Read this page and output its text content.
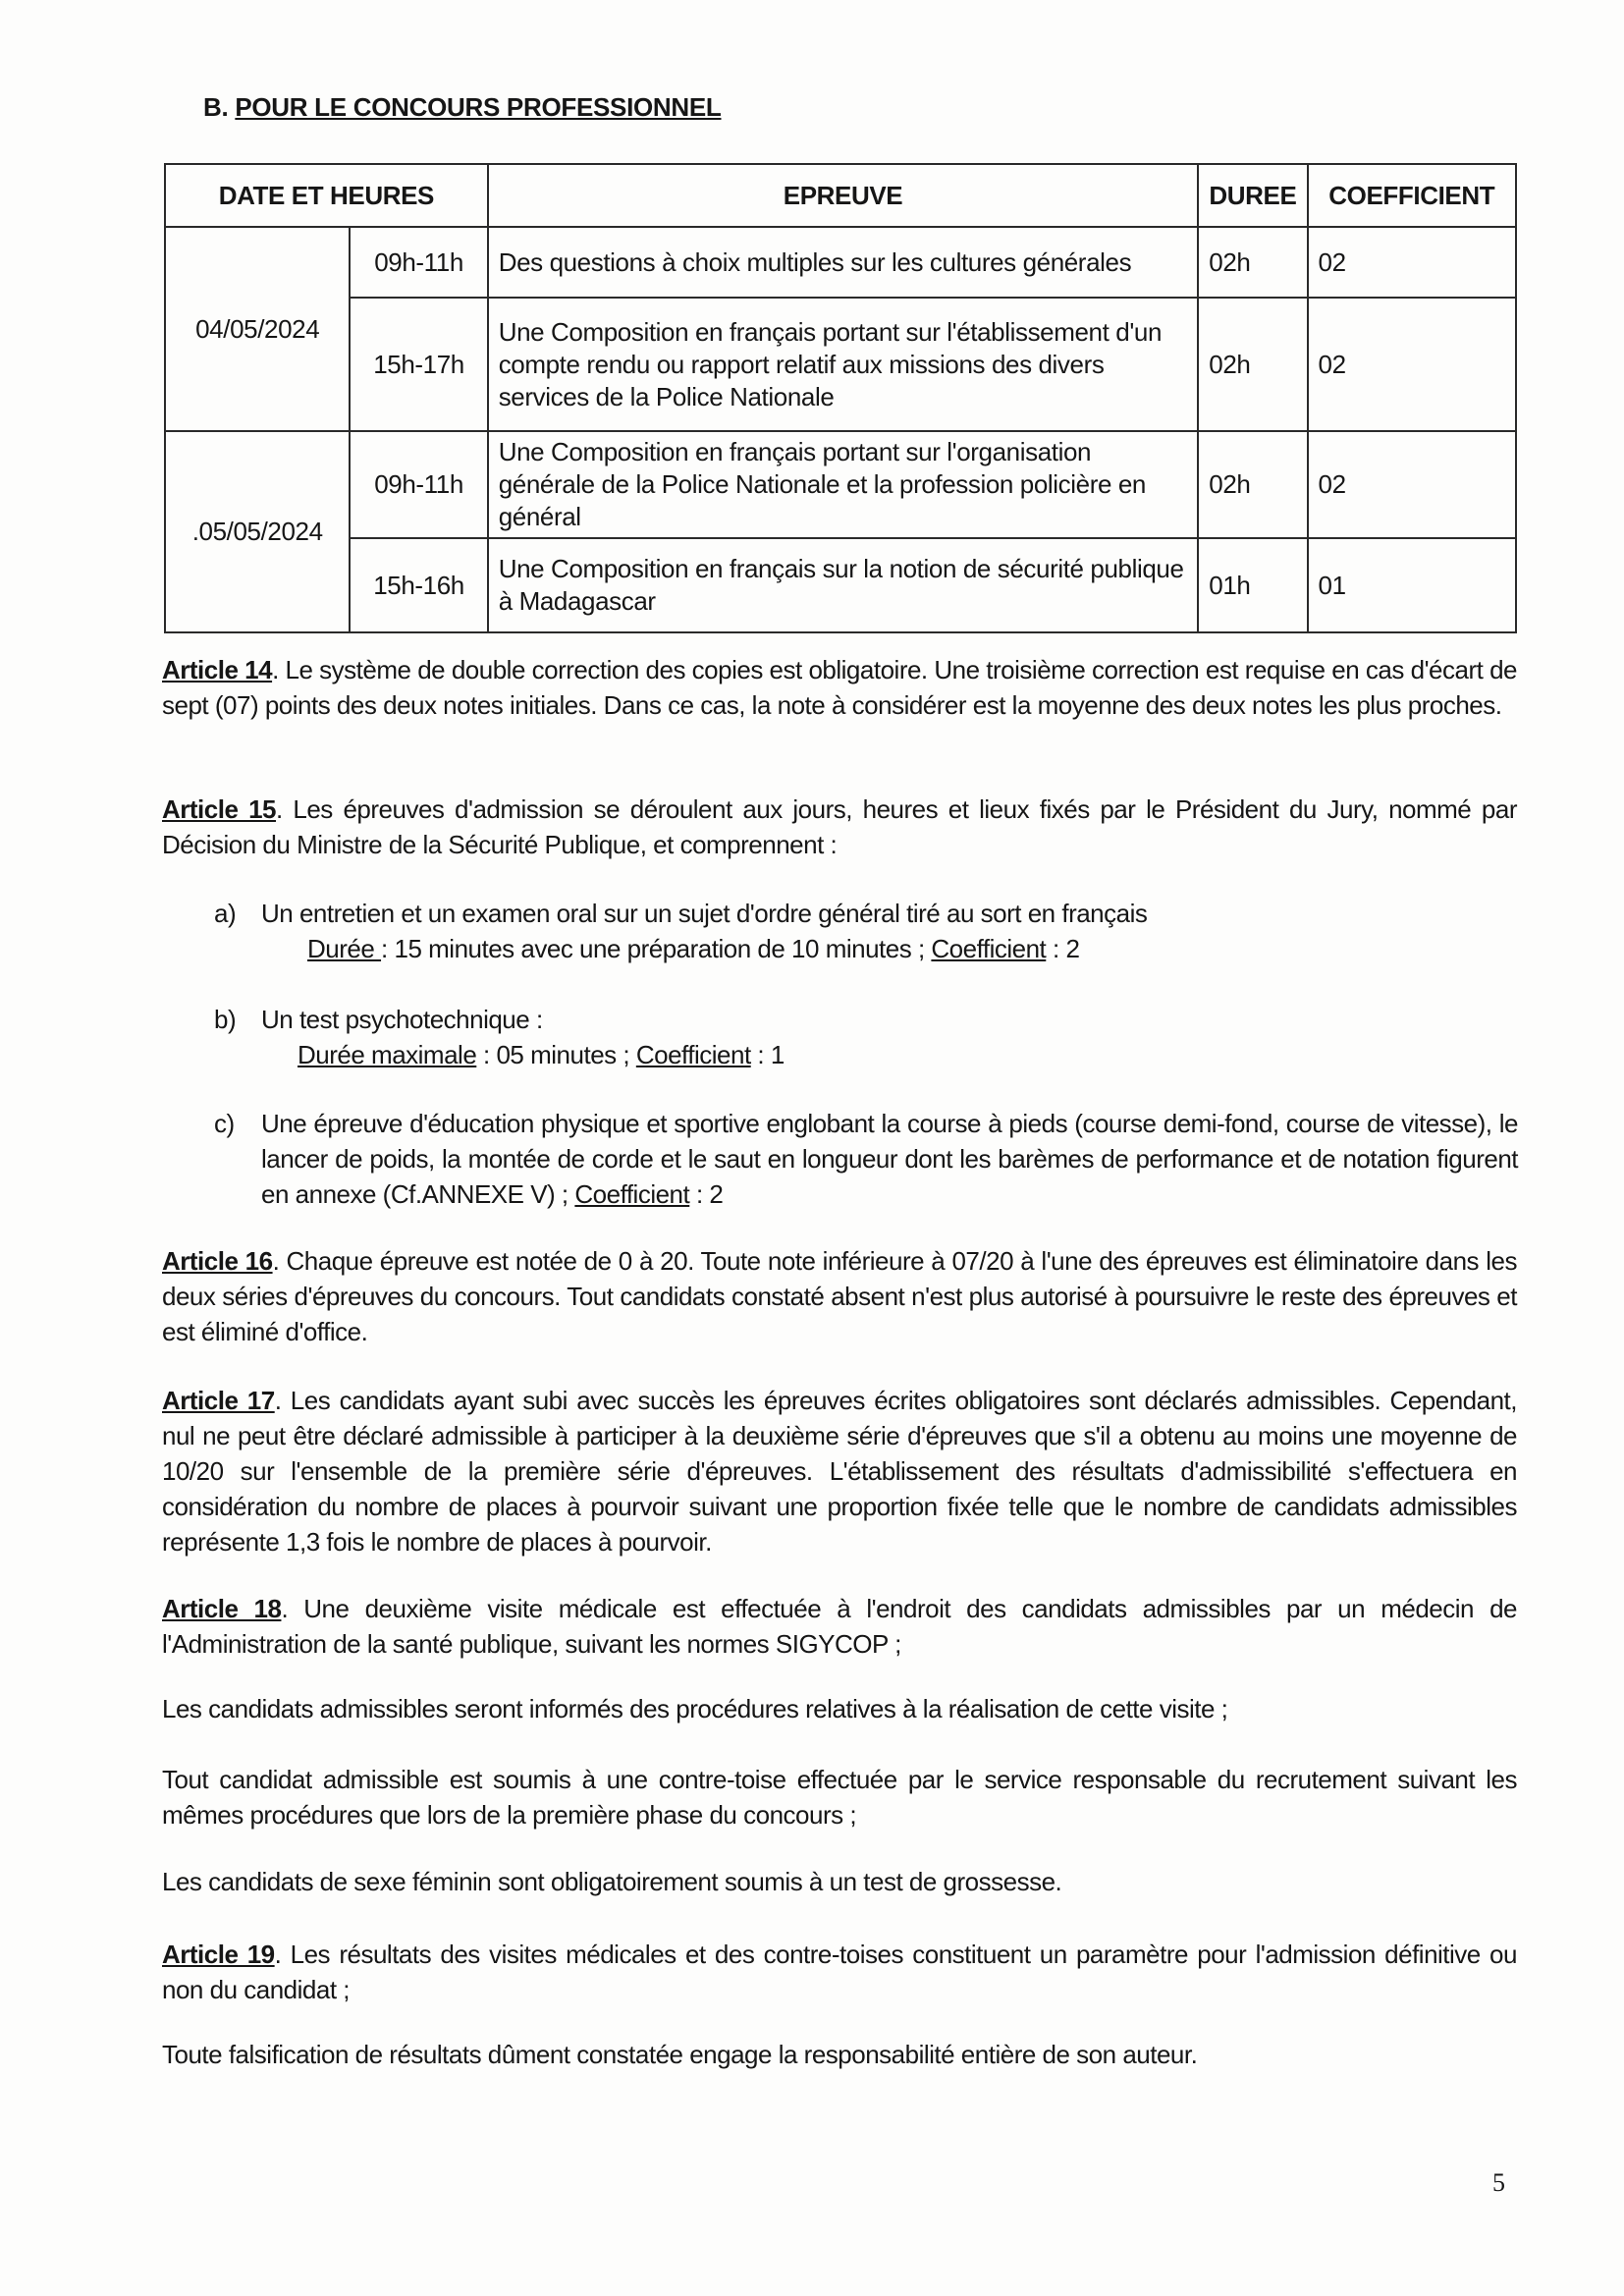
B. POUR LE CONCOURS PROFESSIONNEL
DATE ET HEURES		EPREUVE	DUREE	COEFFICIENT
04/05/2024	09h-11h	Des questions à choix multiples sur les cultures générales	02h	02
	15h-17h	Une Composition en français portant sur l'établissement d'un compte rendu ou rapport relatif aux missions des divers services de la Police Nationale	02h	02
.05/05/2024	09h-11h	Une Composition en français portant sur l'organisation générale de la Police Nationale et la profession policière en général	02h	02
	15h-16h	Une Composition en français sur la notion de sécurité publique à Madagascar	01h	01
Article 14. Le système de double correction des copies est obligatoire. Une troisième correction est requise en cas d'écart de sept (07) points des deux notes initiales. Dans ce cas, la note à considérer est la moyenne des deux notes les plus proches.
Article 15. Les épreuves d'admission se déroulent aux jours, heures et lieux fixés par le Président du Jury, nommé par Décision du Ministre de la Sécurité Publique, et comprennent :
a) Un entretien et un examen oral sur un sujet d'ordre général tiré au sort en français
Durée : 15 minutes avec une préparation de 10 minutes ; Coefficient : 2
b) Un test psychotechnique :
Durée maximale : 05 minutes ; Coefficient : 1
c) Une épreuve d'éducation physique et sportive englobant la course à pieds (course demi-fond, course de vitesse), le lancer de poids, la montée de corde et le saut en longueur dont les barèmes de performance et de notation figurent en annexe (Cf.ANNEXE V) ; Coefficient : 2
Article 16. Chaque épreuve est notée de 0 à 20. Toute note inférieure à 07/20 à l'une des épreuves est éliminatoire dans les deux séries d'épreuves du concours. Tout candidats constaté absent n'est plus autorisé à poursuivre le reste des épreuves et est éliminé d'office.
Article 17. Les candidats ayant subi avec succès les épreuves écrites obligatoires sont déclarés admissibles. Cependant, nul ne peut être déclaré admissible à participer à la deuxième série d'épreuves que s'il a obtenu au moins une moyenne de 10/20 sur l'ensemble de la première série d'épreuves. L'établissement des résultats d'admissibilité s'effectuera en considération du nombre de places à pourvoir suivant une proportion fixée telle que le nombre de candidats admissibles représente 1,3 fois le nombre de places à pourvoir.
Article 18. Une deuxième visite médicale est effectuée à l'endroit des candidats admissibles par un médecin de l'Administration de la santé publique, suivant les normes SIGYCOP ;
Les candidats admissibles seront informés des procédures relatives à la réalisation de cette visite ;
Tout candidat admissible est soumis à une contre-toise effectuée par le service responsable du recrutement suivant les mêmes procédures que lors de la première phase du concours ;
Les candidats de sexe féminin sont obligatoirement soumis à un test de grossesse.
Article 19. Les résultats des visites médicales et des contre-toises constituent un paramètre pour l'admission définitive ou non du candidat ;
Toute falsification de résultats dûment constatée engage la responsabilité entière de son auteur.
5
